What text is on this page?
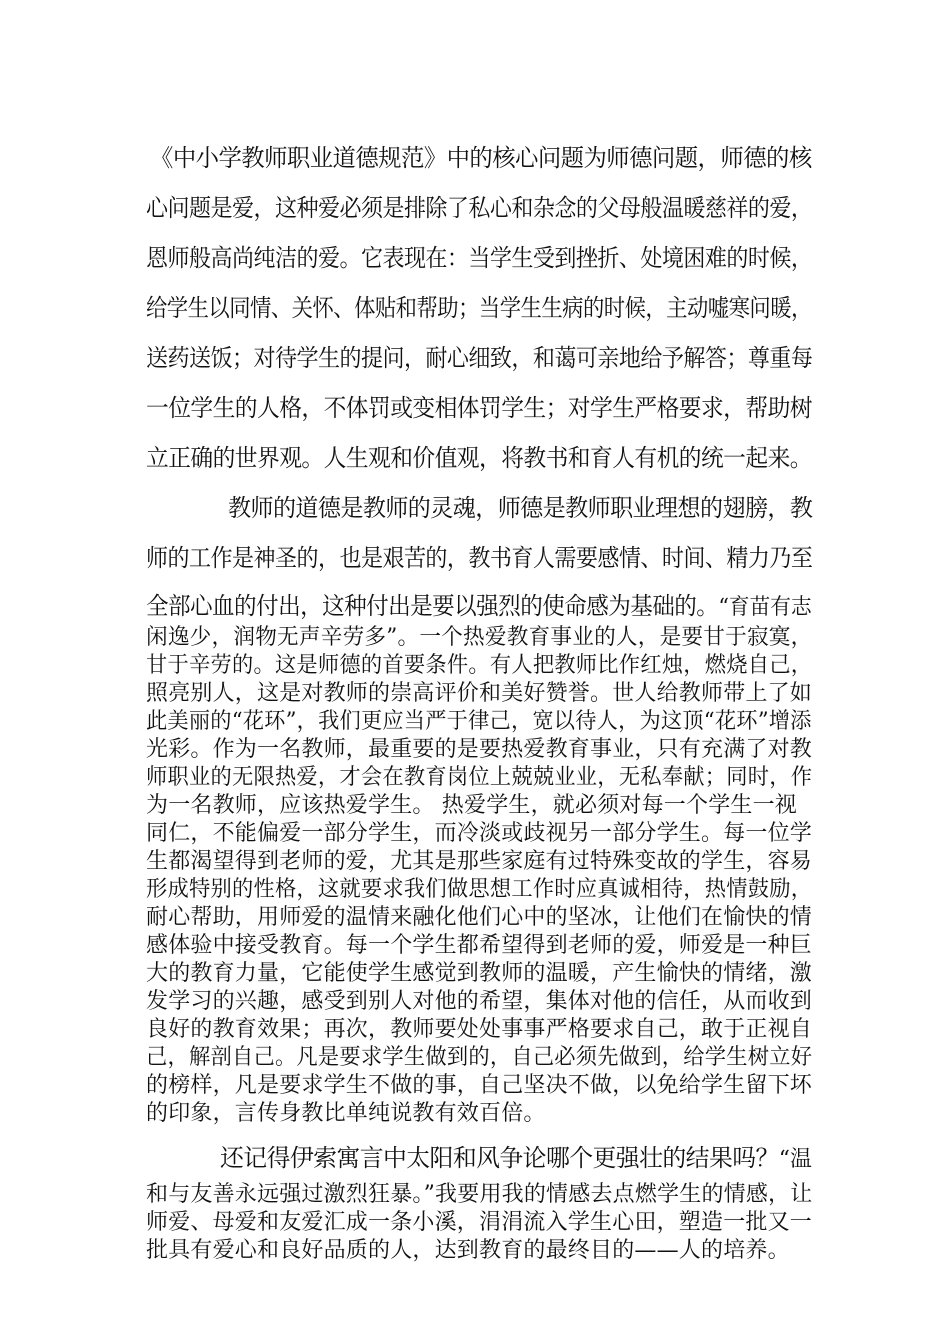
《中小学教师职业道德规范》中的核心问题为师德问题，师德的核

心问题是爱，这种爱必须是排除了私心和杂念的父母般温暖慈祥的爱，

恩师般高尚纯洁的爱。它表现在：当学生受到挫折、处境困难的时候，

给学生以同情、关怀、体贴和帮助；当学生生病的时候，主动嘘寒问暖，

送药送饭；对待学生的提问，耐心细致，和蔼可亲地给予解答；尊重每

一位学生的人格，不体罚或变相体罚学生；对学生严格要求，帮助树

立正确的世界观。人生观和价值观，将教书和育人有机的统一起来。

教师的道德是教师的灵魂，师德是教师职业理想的翅膀，教

师的工作是神圣的，也是艰苦的，教书育人需要感情、时间、精力乃至

全部心血的付出，这种付出是要以强烈的使命感为基础的。“育苗有志

闲逸少，润物无声辛劳多”。一个热爱教育事业的人，是要甘于寂寞，

甘于辛劳的。这是师德的首要条件。有人把教师比作红烛，燃烧自己，

照亮别人，这是对教师的崇高评价和美好赞誉。世人给教师带上了如

此美丽的“花环”，我们更应当严于律己，宽以待人，为这顶“花环”增添

光彩。作为一名教师，最重要的是要热爱教育事业，只有充满了对教

师职业的无限热爱，才会在教育岗位上兢兢业业，无私奉献；同时，作

为一名教师，应该热爱学生。 热爱学生，就必须对每一个学生一视

同仁，不能偏爱一部分学生，而冷淡或歧视另一部分学生。每一位学

生都渴望得到老师的爱，尤其是那些家庭有过特殊变故的学生，容易

形成特别的性格，这就要求我们做思想工作时应真诚相待，热情鼓励，

耐心帮助，用师爱的温情来融化他们心中的坚冰，让他们在愉快的情

感体验中接受教育。每一个学生都希望得到老师的爱，师爱是一种巨

大的教育力量，它能使学生感觉到教师的温暖，产生愉快的情绪，激

发学习的兴趣，感受到别人对他的希望，集体对他的信任，从而收到

良好的教育效果；再次，教师要处处事事严格要求自己，敢于正视自

己，解剖自己。凡是要求学生做到的，自己必须先做到，给学生树立好

的榜样，凡是要求学生不做的事，自己坚决不做，以免给学生留下坏

的印象，言传身教比单纯说教有效百倍。

还记得伊索寓言中太阳和风争论哪个更强壮的结果吗？“温

和与友善永远强过激烈狂暴。”我要用我的情感去点燃学生的情感，让

师爱、母爱和友爱汇成一条小溪，涓涓流入学生心田，塑造一批又一

批具有爱心和良好品质的人，达到教育的最终目的——人的培养。
